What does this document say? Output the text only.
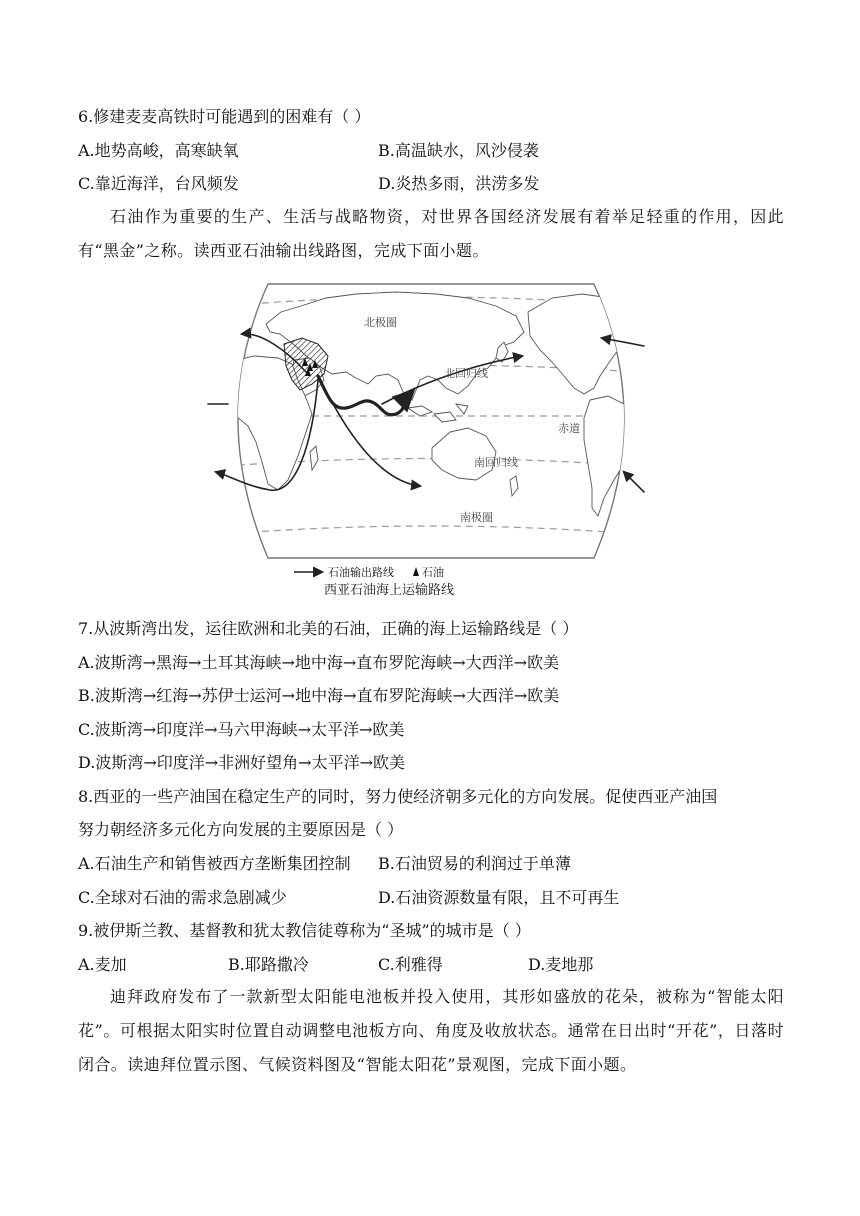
6.修建麦麦高铁时可能遇到的困难有（ ）
A.地势高峻，高寒缺氧	B.高温缺水，风沙侵袭
C.靠近海洋，台风频发	D.炎热多雨，洪涝多发
石油作为重要的生产、生活与战略物资，对世界各国经济发展有着举足轻重的作用，因此有“黑金”之称。读西亚石油输出线路图，完成下面小题。
北极圈
北回归线
赤道
南回归线
南极圈
石油输出路线	石油
西亚石油海上运输路线
7.从波斯湾出发，运往欧洲和北美的石油，正确的海上运输路线是（ ）
A.波斯湾→黑海→土耳其海峡→地中海→直布罗陀海峡→大西洋→欧美
B.波斯湾→红海→苏伊士运河→地中海→直布罗陀海峡→大西洋→欧美
C.波斯湾→印度洋→马六甲海峡→太平洋→欧美
D.波斯湾→印度洋→非洲好望角→太平洋→欧美
8.西亚的一些产油国在稳定生产的同时，努力使经济朝多元化的方向发展。促使西亚产油国
努力朝经济多元化方向发展的主要原因是（ ）
A.石油生产和销售被西方垄断集团控制 B.石油贸易的利润过于单薄
C.全球对石油的需求急剧减少	D.石油资源数量有限，且不可再生
9.被伊斯兰教、基督教和犹太教信徒尊称为“圣城”的城市是（ ）
A.麦加	B.耶路撒冷	C.利雅得	D.麦地那
迪拜政府发布了一款新型太阳能电池板并投入使用，其形如盛放的花朵，被称为“智能太阳花”。可根据太阳实时位置自动调整电池板方向、角度及收放状态。通常在日出时“开花”，日落时闭合。读迪拜位置示图、气候资料图及“智能太阳花”景观图，完成下面小题。
